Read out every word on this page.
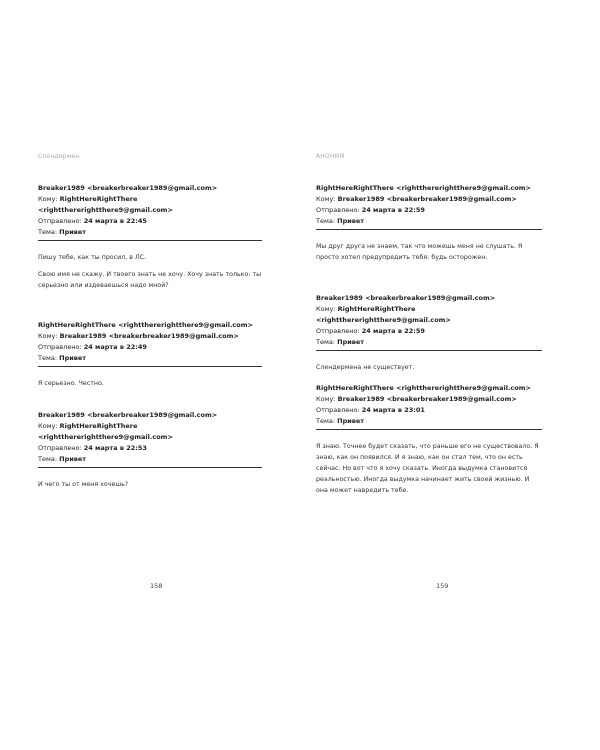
Слендермен
Breaker1989 <breakerbreaker1989@gmail.com>
Кому: RightHereRightThere <rightthererightthere9@gmail.com>
Отправлено: 24 марта в 22:45
Тема: Привет

Пишу тебе, как ты просил, в ЛС.

Свою имя не скажу. И твоего знать не хочу. Хочу знать только: ты серьезно или издеваешься надо мной?

RightHereRightThere <rightthererightthere9@gmail.com>
Кому: Breaker1989 <breakerbreaker1989@gmail.com>
Отправлено: 24 марта в 22:49
Тема: Привет

Я серьезно. Честно.

Breaker1989 <breakerbreaker1989@gmail.com>
Кому: RightHereRightThere <rightthererightthere9@gmail.com>
Отправлено: 24 марта в 22:53
Тема: Привет

И чего ты от меня хочешь?

158
АНОНИМ
RightHereRightThere <rightthererightthere9@gmail.com>
Кому: Breaker1989 <breakerbreaker1989@gmail.com>
Отправлено: 24 марта в 22:59
Тема: Привет

Мы друг друга не знаем, так что можешь меня не слушать. Я просто хотел предупредить тебя: будь осторожен.

Breaker1989 <breakerbreaker1989@gmail.com>
Кому: RightHereRightThere <rightthererightthere9@gmail.com>
Отправлено: 24 марта в 22:59
Тема: Привет

Слендермена не существует.

RightHereRightThere <rightthererightthere9@gmail.com>
Кому: Breaker1989 <breakerbreaker1989@gmail.com>
Отправлено: 24 марта в 23:01
Тема: Привет

Я знаю. Точнее будет сказать, что раньше его не существовало. Я знаю, как он появился. И я знаю, как он стал тем, что он есть сейчас. Но вот что я хочу сказать. Иногда выдумка становится реальностью. Иногда выдумка начинает жить своей жизнью. И она может навредить тебе.

159
